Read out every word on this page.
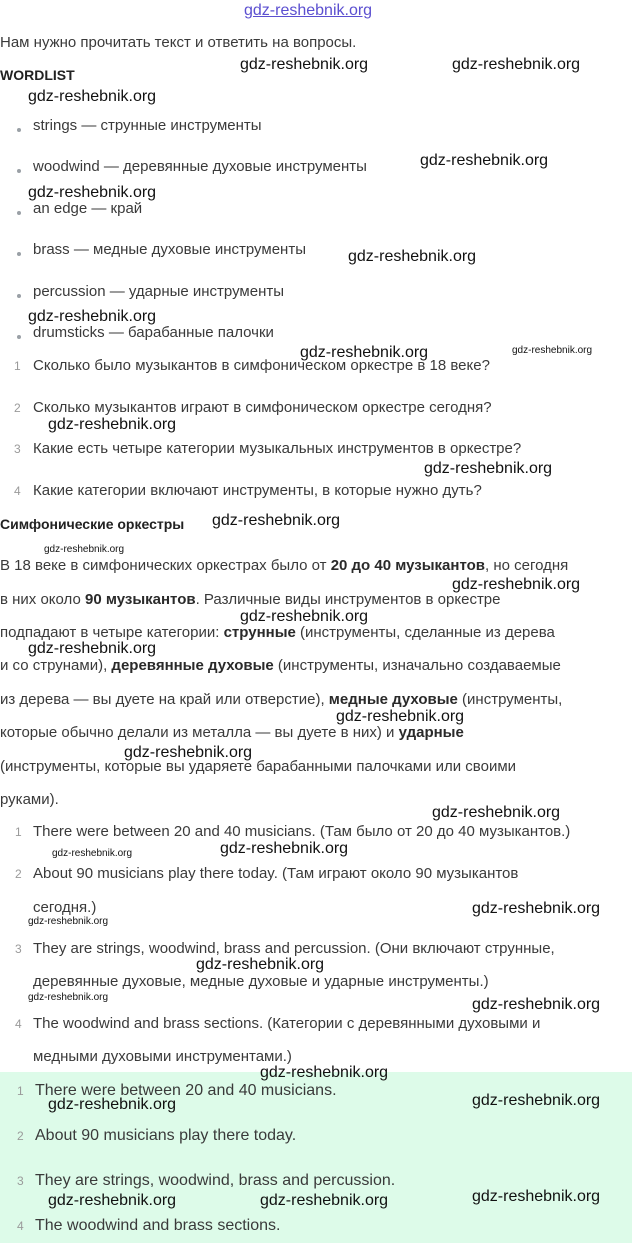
gdz-reshebnik.org
Нам нужно прочитать текст и ответить на вопросы.
WORDLIST
strings — струнные инструменты
woodwind — деревянные духовые инструменты
an edge — край
brass — медные духовые инструменты
percussion — ударные инструменты
drumsticks — барабанные палочки
1 Сколько было музыкантов в симфоническом оркестре в 18 веке?
2 Сколько музыкантов играют в симфоническом оркестре сегодня?
3 Какие есть четыре категории музыкальных инструментов в оркестре?
4 Какие категории включают инструменты, в которые нужно дуть?
Симфонические оркестры
В 18 веке в симфонических оркестрах было от 20 до 40 музыкантов, но сегодня
в них около 90 музыкантов. Различные виды инструментов в оркестре
подпадают в четыре категории: струнные (инструменты, сделанные из дерева
и со струнами), деревянные духовые (инструменты, изначально создаваемые
из дерева — вы дуете на край или отверстие), медные духовые (инструменты,
которые обычно делали из металла — вы дуете в них) и ударные
(инструменты, которые вы ударяете барабанными палочками или своими
руками).
1 There were between 20 and 40 musicians. (Там было от 20 до 40 музыкантов.)
2 About 90 musicians play there today. (Там играют около 90 музыкантов
сегодня.)
3 They are strings, woodwind, brass and percussion. (Они включают струнные,
деревянные духовые, медные духовые и ударные инструменты.)
4 The woodwind and brass sections. (Категории с деревянными духовыми и
медными духовыми инструментами.)
1 There were between 20 and 40 musicians.
2 About 90 musicians play there today.
3 They are strings, woodwind, brass and percussion.
4 The woodwind and brass sections.
gdz-reshebnik.org	gdz-reshebnik.org
gdz-reshebnik.org
gdz-reshebnik.org
gdz-reshebnik.org
gdz-reshebnik.org
gdz-reshebnik.org
gdz-reshebnik.org	gdz-reshebnik.org
gdz-reshebnik.org
gdz-reshebnik.org
gdz-reshebnik.org
gdz-reshebnik.org
gdz-reshebnik.org
gdz-reshebnik.org
gdz-reshebnik.org
gdz-reshebnik.org
gdz-reshebnik.org
gdz-reshebnik.org
gdz-reshebnik.org
gdz-reshebnik.org
gdz-reshebnik.org
gdz-reshebnik.org
gdz-reshebnik.org
gdz-reshebnik.org	gdz-reshebnik.org
gdz-reshebnik.org
gdz-reshebnik.org	gdz-reshebnik.org
gdz-reshebnik.org	gdz-reshebnik.org	gdz-reshebnik.org
